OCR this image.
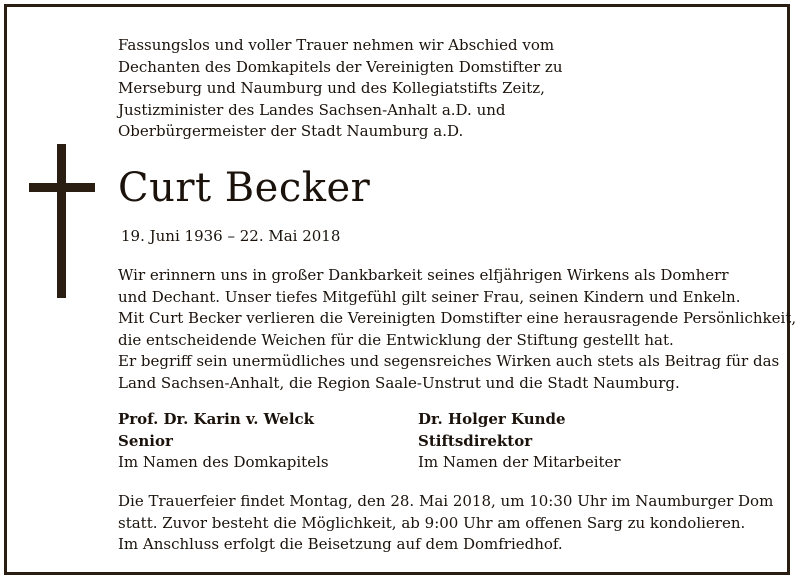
Fassungslos und voller Trauer nehmen wir Abschied vom
Dechanten des Domkapitels der Vereinigten Domstifter zu
Merseburg und Naumburg und des Kollegiatstifts Zeitz,
Justizminister des Landes Sachsen-Anhalt a.D. und
Oberbürgermeister der Stadt Naumburg a.D.
Curt Becker
19. Juni 1936 – 22. Mai 2018
Wir erinnern uns in großer Dankbarkeit seines elfjährigen Wirkens als Domherr
und Dechant. Unser tiefes Mitgefühl gilt seiner Frau, seinen Kindern und Enkeln.
Mit Curt Becker verlieren die Vereinigten Domstifter eine herausragende Persönlichkeit,
die entscheidende Weichen für die Entwicklung der Stiftung gestellt hat.
Er begriff sein unermüdliches und segensreiches Wirken auch stets als Beitrag für das
Land Sachsen-Anhalt, die Region Saale-Unstrut und die Stadt Naumburg.
Prof. Dr. Karin v. Welck
Senior
Im Namen des Domkapitels
Dr. Holger Kunde
Stiftsdirektor
Im Namen der Mitarbeiter
Die Trauerfeier findet Montag, den 28. Mai 2018, um 10:30 Uhr im Naumburger Dom
statt. Zuvor besteht die Möglichkeit, ab 9:00 Uhr am offenen Sarg zu kondolieren.
Im Anschluss erfolgt die Beisetzung auf dem Domfriedhof.
